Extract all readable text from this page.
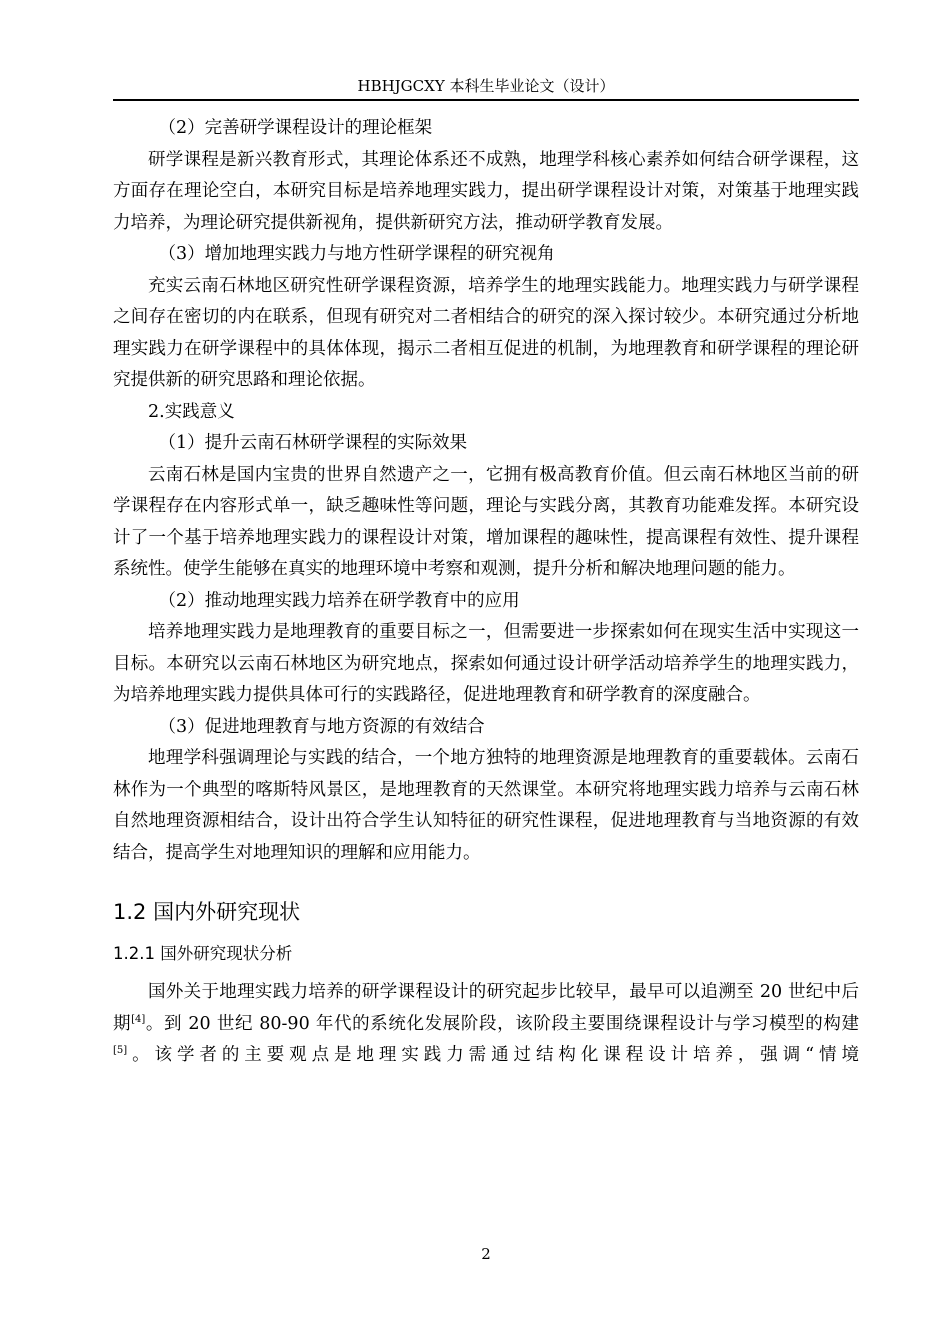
HBHJGCXY 本科生毕业论文（设计）

（2）完善研学课程设计的理论框架

研学课程是新兴教育形式，其理论体系还不成熟，地理学科核心素养如何结合研学课程，这方面存在理论空白，本研究目标是培养地理实践力，提出研学课程设计对策，对策基于地理实践力培养，为理论研究提供新视角，提供新研究方法，推动研学教育发展。

（3）增加地理实践力与地方性研学课程的研究视角

充实云南石林地区研究性研学课程资源，培养学生的地理实践能力。地理实践力与研学课程之间存在密切的内在联系，但现有研究对二者相结合的研究的深入探讨较少。本研究通过分析地理实践力在研学课程中的具体体现，揭示二者相互促进的机制，为地理教育和研学课程的理论研究提供新的研究思路和理论依据。

2.实践意义

（1）提升云南石林研学课程的实际效果

云南石林是国内宝贵的世界自然遗产之一，它拥有极高教育价值。但云南石林地区当前的研学课程存在内容形式单一，缺乏趣味性等问题，理论与实践分离，其教育功能难发挥。本研究设计了一个基于培养地理实践力的课程设计对策，增加课程的趣味性，提高课程有效性、提升课程系统性。使学生能够在真实的地理环境中考察和观测，提升分析和解决地理问题的能力。

（2）推动地理实践力培养在研学教育中的应用

培养地理实践力是地理教育的重要目标之一，但需要进一步探索如何在现实生活中实现这一目标。本研究以云南石林地区为研究地点，探索如何通过设计研学活动培养学生的地理实践力，为培养地理实践力提供具体可行的实践路径，促进地理教育和研学教育的深度融合。

（3）促进地理教育与地方资源的有效结合

地理学科强调理论与实践的结合，一个地方独特的地理资源是地理教育的重要载体。云南石林作为一个典型的喀斯特风景区，是地理教育的天然课堂。本研究将地理实践力培养与云南石林自然地理资源相结合，设计出符合学生认知特征的研究性课程，促进地理教育与当地资源的有效结合，提高学生对地理知识的理解和应用能力。

1.2 国内外研究现状
1.2.1 国外研究现状分析

国外关于地理实践力培养的研学课程设计的研究起步比较早，最早可以追溯至 20 世纪中后期[4]。到 20 世纪 80-90 年代的系统化发展阶段，该阶段主要围绕课程设计与学习模型的构建[5]。该学者的主要观点是地理实践力需通过结构化课程设计培养，强调“情境

2
